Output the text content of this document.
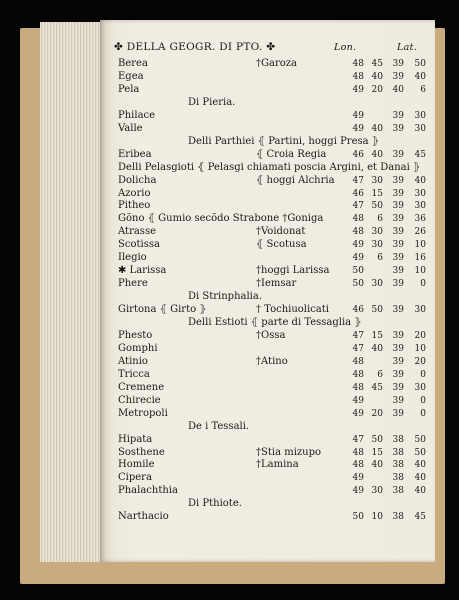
✤ DELLA GEOGR. DI PTO. ✤	Lon.	Lat.
Berea	†Garoza	48 45 39 50
Egea	48 40 39 40
Pela	49 20 40	6
Di Pieria.
Philace	49	39 30
Valle	49 40 39 30
Delli Parthiei ⦃ Partini, hoggi Presa ⦄
Eribea	⦃ Croia Regia	46 40 39 45
Delli Pelasgioti ⦃ Pelasgi chiamati poscia Argini, et Danai ⦄
Dolicha	⦃ hoggi Alchria 47 30 39 40
Azorio	46 15 39 30
Pitheo	47 50 39 30
Gõno ⦃ Gumio secõdo Strabone †Goniga	48	6 39 36
Atrasse	†Voidonat	48 30 39 26
Scotissa	⦃ Scotusa	49 30 39 10
Ilegio	49	6 39 16
✱ Larissa	†hoggi Larissa	50	39 10
Phere	†Iemsar	50 30 39	0
Di Strinphalia.
Girtona ⦃ Girto ⦄	† Tochiuolicati	46 50 39 30
Delli Estioti ⦃ parte di Tessaglia ⦄
Phesto	†Ossa	47 15 39 20
Gomphi	47 40 39 10
Atinio	†Atino	48	39 20
Tricca	48	6 39	0
Cremene	48 45 39 30
Chirecie	49	39	0
Metropoli	49 20 39	0
De i Tessali.
Hipata	47 50 38 50
Sosthene	†Stia mizupo	48 15 38 50
Homile	†Lamina	48 40 38 40
Cipera	49	38 40
Phalachthia	49 30 38 40
Di Pthiote.
Narthacio	50 10 38 45
